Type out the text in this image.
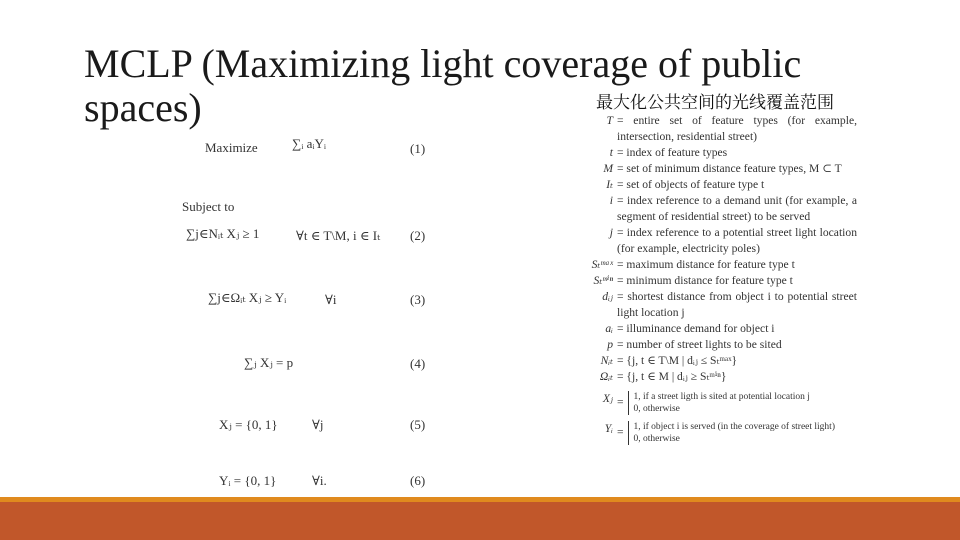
MCLP (Maximizing light coverage of public spaces)	最大化公共空间的光线覆盖范围
Maximize	∑ᵢ aᵢYᵢ	(1)
Subject to
∑j∈Nᵢₜ Xⱼ ≥ 1	∀t ∈ T\M, i ∈ Iₜ (2)
∑j∈Ωᵢₜ Xⱼ ≥ Yᵢ	∀i	(3)
∑ⱼ Xⱼ = p	(4)
Xⱼ = {0, 1}	∀j	(5)
Yᵢ = {0, 1}	∀i.	(6)
T = entire set of feature types (for example, intersection, residential street)
t = index of feature types
M = set of minimum distance feature types, M ⊂ T
Iₜ = set of objects of feature type t
i = index reference to a demand unit (for example, a segment of residential street) to be served
j = index reference to a potential street light location (for example, electricity poles)
Sₜᵐᵃˣ = maximum distance for feature type t
Sₜᵐⁱⁿ = minimum distance for feature type t
dᵢⱼ = shortest distance from object i to potential street light location j
aᵢ = illuminance demand for object i
p = number of street lights to be sited
Nᵢₜ = {j, t ∈ T\M | dᵢⱼ ≤ Sₜᵐᵃˣ}
Ωᵢₜ = {j, t ∈ M | dᵢⱼ ≥ Sₜᵐⁱⁿ}
Xⱼ = 1, if a street ligth is sited at potential location j
0, otherwise
Yᵢ = 1, if object i is served (in the coverage of street light)
0, otherwise
